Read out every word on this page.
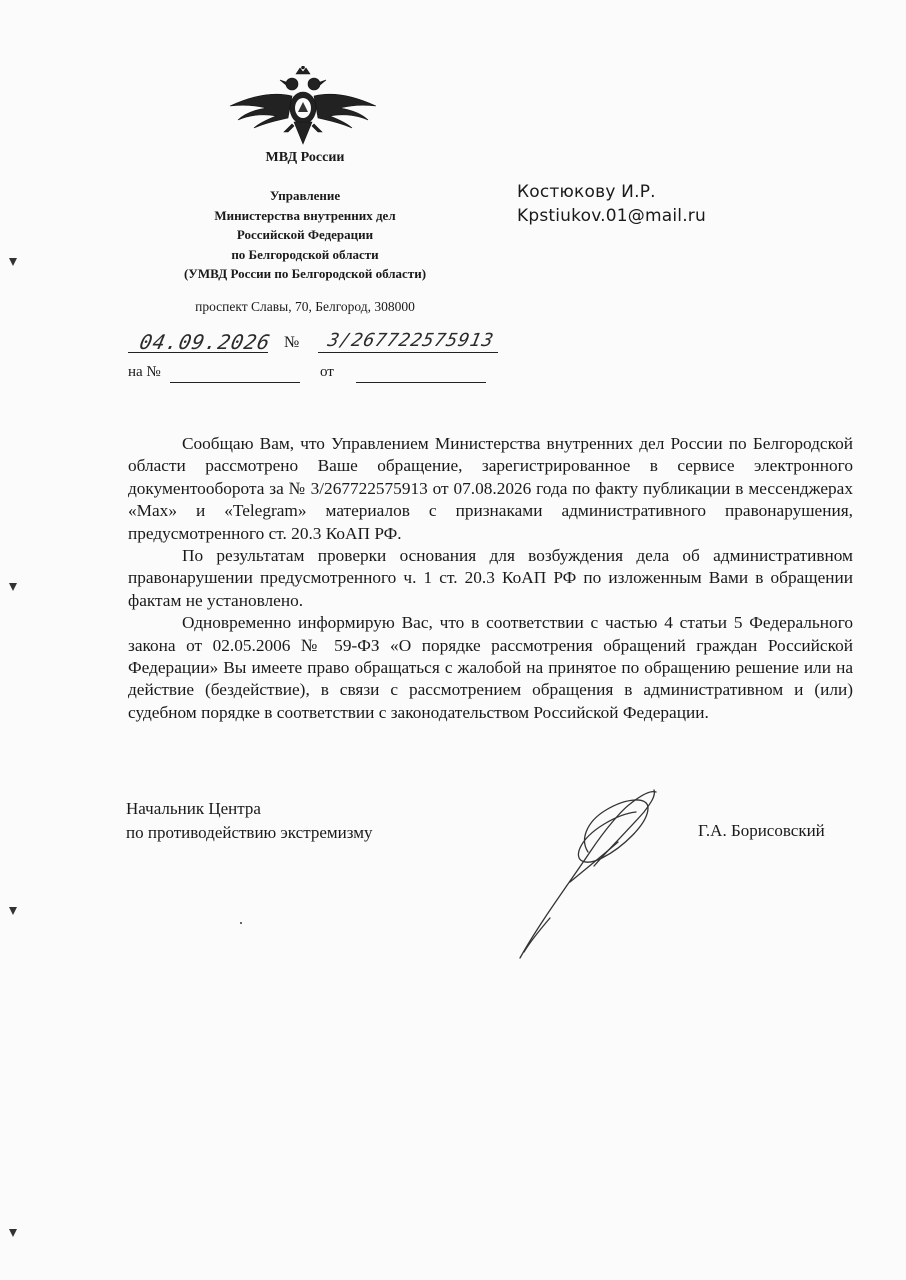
МВД России
Управление
Министерства внутренних дел
Российской Федерации
по Белгородской области
(УМВД России по Белгородской области)
проспект Славы, 70, Белгород, 308000
Костюкову И.Р.
Kpstiukov.01@mail.ru
04.09.2026 № 3/267722575913
на №	от

Сообщаю Вам, что Управлением Министерства внутренних дел России по Белгородской области рассмотрено Ваше обращение, зарегистрированное в сервисе электронного документооборота за № 3/267722575913 от 07.08.2026 года по факту публикации в мессенджерах «Max» и «Telegram» материалов с признаками административного правонарушения, предусмотренного ст. 20.3 КоАП РФ.

По результатам проверки основания для возбуждения дела об административном правонарушении предусмотренного ч. 1 ст. 20.3 КоАП РФ по изложенным Вами в обращении фактам не установлено.

Одновременно информирую Вас, что в соответствии с частью 4 статьи 5 Федерального закона от 02.05.2006 № 59-ФЗ «О порядке рассмотрения обращений граждан Российской Федерации» Вы имеете право обращаться с жалобой на принятое по обращению решение или на действие (бездействие), в связи с рассмотрением обращения в административном и (или) судебном порядке в соответствии с законодательством Российской Федерации.

Начальник Центра
по противодействию экстремизму	Г.А. Борисовский
